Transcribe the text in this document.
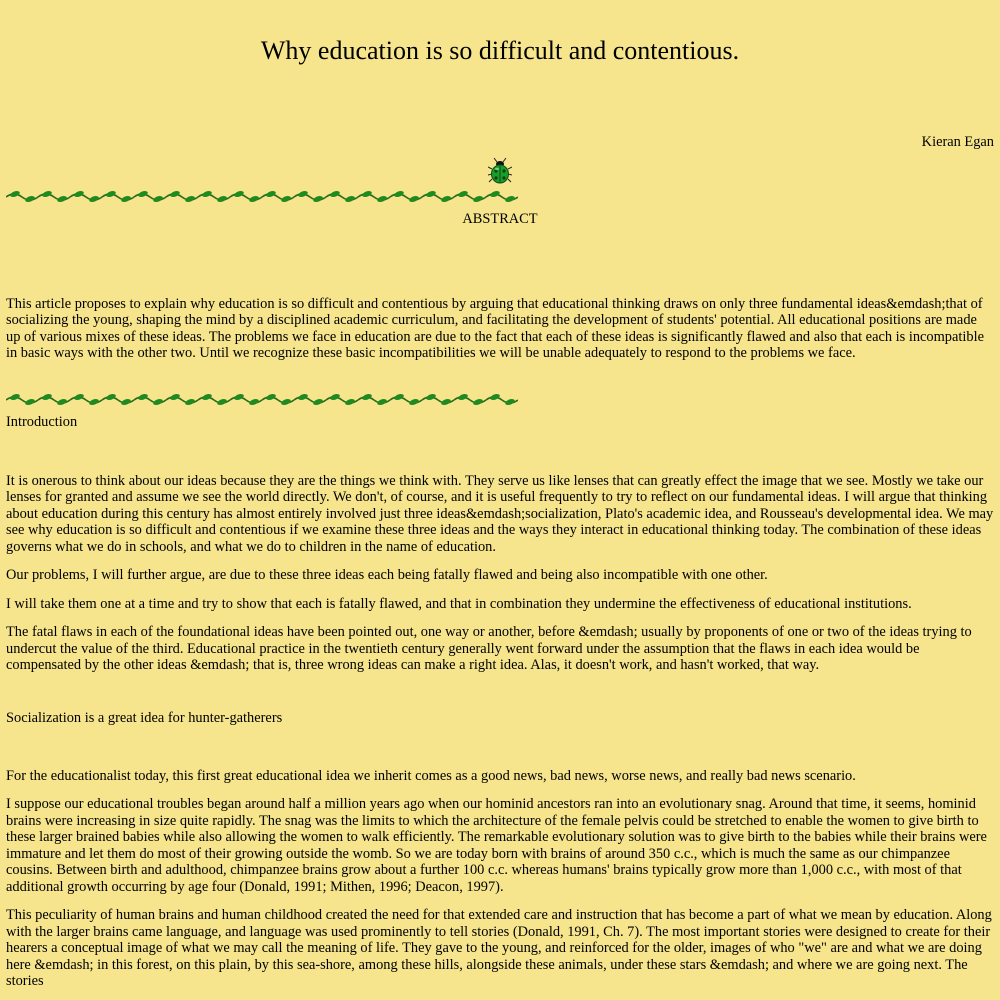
Why education is so difficult and contentious.
Kieran Egan
ABSTRACT

This article proposes to explain why education is so difficult and contentious by arguing that educational thinking draws on only three fundamental ideas&emdash;that of socializing the young, shaping the mind by a disciplined academic curriculum, and facilitating the development of students' potential. All educational positions are made up of various mixes of these ideas. The problems we face in education are due to the fact that each of these ideas is significantly flawed and also that each is incompatible in basic ways with the other two. Until we recognize these basic incompatibilities we will be unable adequately to respond to the problems we face.

Introduction

It is onerous to think about our ideas because they are the things we think with. They serve us like lenses that can greatly effect the image that we see. Mostly we take our lenses for granted and assume we see the world directly. We don't, of course, and it is useful frequently to try to reflect on our fundamental ideas. I will argue that thinking about education during this century has almost entirely involved just three ideas&emdash;socialization, Plato's academic idea, and Rousseau's developmental idea. We may see why education is so difficult and contentious if we examine these three ideas and the ways they interact in educational thinking today. The combination of these ideas governs what we do in schools, and what we do to children in the name of education.

Our problems, I will further argue, are due to these three ideas each being fatally flawed and being also incompatible with one other.

I will take them one at a time and try to show that each is fatally flawed, and that in combination they undermine the effectiveness of educational institutions.

The fatal flaws in each of the foundational ideas have been pointed out, one way or another, before &emdash; usually by proponents of one or two of the ideas trying to undercut the value of the third. Educational practice in the twentieth century generally went forward under the assumption that the flaws in each idea would be compensated by the other ideas &emdash; that is, three wrong ideas can make a right idea. Alas, it doesn't work, and hasn't worked, that way.

Socialization is a great idea for hunter-gatherers

For the educationalist today, this first great educational idea we inherit comes as a good news, bad news, worse news, and really bad news scenario.

I suppose our educational troubles began around half a million years ago when our hominid ancestors ran into an evolutionary snag. Around that time, it seems, hominid brains were increasing in size quite rapidly. The snag was the limits to which the architecture of the female pelvis could be stretched to enable the women to give birth to these larger brained babies while also allowing the women to walk efficiently. The remarkable evolutionary solution was to give birth to the babies while their brains were immature and let them do most of their growing outside the womb. So we are today born with brains of around 350 c.c., which is much the same as our chimpanzee cousins. Between birth and adulthood, chimpanzee brains grow about a further 100 c.c. whereas humans' brains typically grow more than 1,000 c.c., with most of that additional growth occurring by age four (Donald, 1991; Mithen, 1996; Deacon, 1997).

This peculiarity of human brains and human childhood created the need for that extended care and instruction that has become a part of what we mean by education. Along with the larger brains came language, and language was used prominently to tell stories (Donald, 1991, Ch. 7). The most important stories were designed to create for their hearers a conceptual image of what we may call the meaning of life. They gave to the young, and reinforced for the older, images of who "we" are and what we are doing here &emdash; in this forest, on this plain, by this sea-shore, among these hills, alongside these animals, under these stars &emdash; and where we are going next. The stories
